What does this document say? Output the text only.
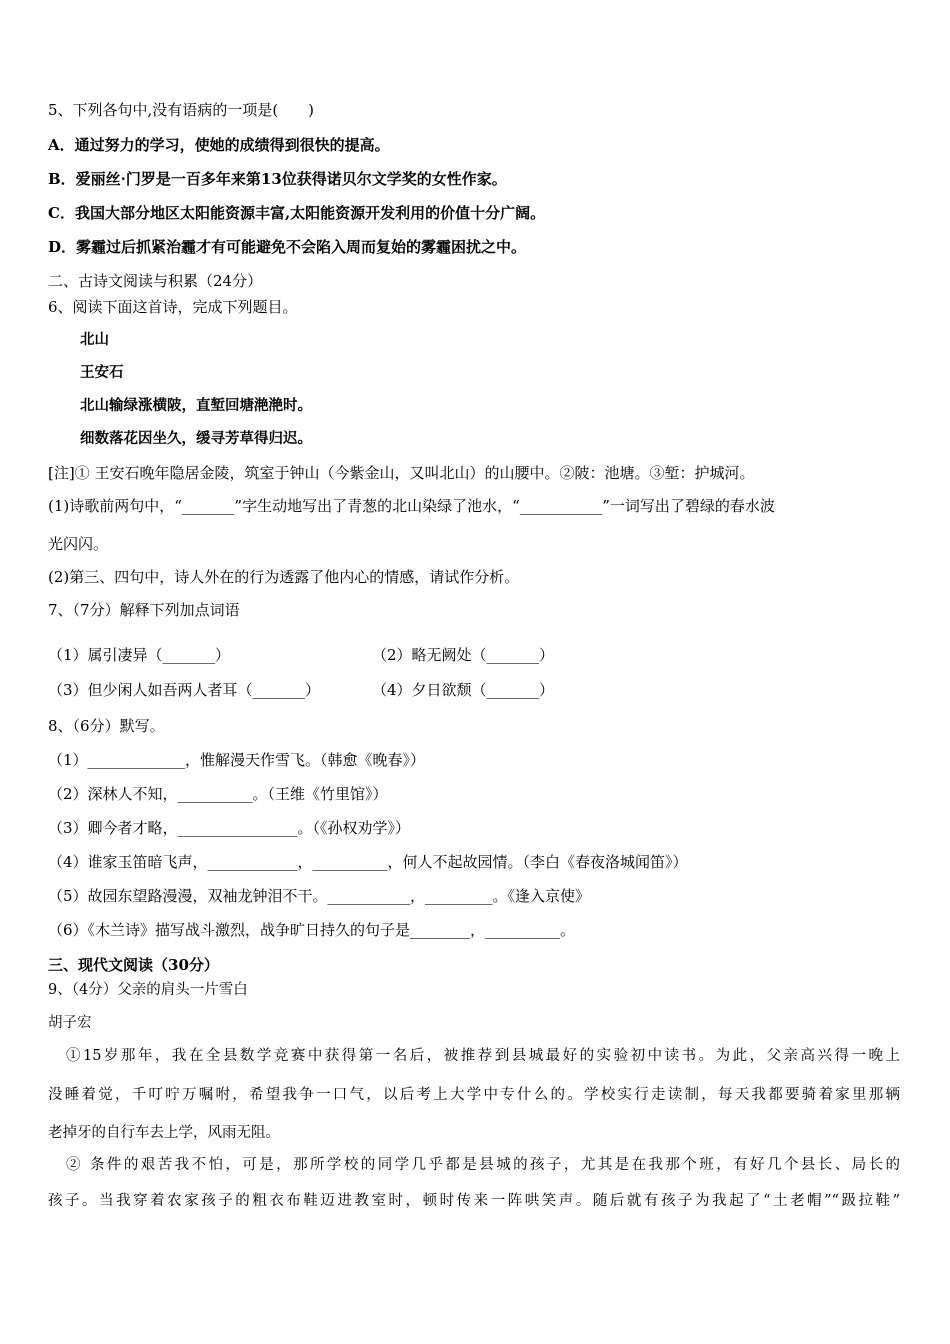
5、下列各句中,没有语病的一项是(　　)
A．通过努力的学习，使她的成绩得到很快的提高。
B．爱丽丝·门罗是一百多年来第13位获得诺贝尔文学奖的女性作家。
C．我国大部分地区太阳能资源丰富,太阳能资源开发利用的价值十分广阔。
D．雾霾过后抓紧治霾才有可能避免不会陷入周而复始的雾霾困扰之中。
二、古诗文阅读与积累（24分）
6、阅读下面这首诗，完成下列题目。
北山
王安石
北山输绿涨横陂，直堑回塘滟滟时。
细数落花因坐久，缓寻芳草得归迟。
[注]① 王安石晚年隐居金陵，筑室于钟山（今紫金山，又叫北山）的山腰中。②陂：池塘。③堑：护城河。
(1)诗歌前两句中，“_______”字生动地写出了青葱的北山染绿了池水，“___________”一词写出了碧绿的春水波
光闪闪。
(2)第三、四句中，诗人外在的行为透露了他内心的情感，请试作分析。
7、（7分）解释下列加点词语
（1）属引凄异（_______）	（2）略无阙处（_______）
（3）但少闲人如吾两人者耳（_______）	（4）夕日欲颓（_______）
8、（6分）默写。
（1）_____________，惟解漫天作雪飞。（韩愈《晚春》）
（2）深林人不知，__________。（王维《竹里馆》）
（3）卿今者才略，________________。（《孙权劝学》）
（4）谁家玉笛暗飞声，____________，__________，何人不起故园情。（李白《春夜洛城闻笛》）
（5）故园东望路漫漫，双袖龙钟泪不干。___________，_________。《逢入京使》
（6）《木兰诗》描写战斗激烈，战争旷日持久的句子是________，__________。
三、现代文阅读（30分）
9、（4分）父亲的肩头一片雪白
胡子宏
①15岁那年，我在全县数学竞赛中获得第一名后，被推荐到县城最好的实验初中读书。为此，父亲高兴得一晚上
没睡着觉，千叮咛万嘱咐，希望我争一口气，以后考上大学中专什么的。学校实行走读制，每天我都要骑着家里那辆
老掉牙的自行车去上学，风雨无阻。
② 条件的艰苦我不怕，可是，那所学校的同学几乎都是县城的孩子，尤其是在我那个班，有好几个县长、局长的
孩子。当我穿着农家孩子的粗衣布鞋迈进教室时，顿时传来一阵哄笑声。随后就有孩子为我起了“土老帽”“趿拉鞋”
